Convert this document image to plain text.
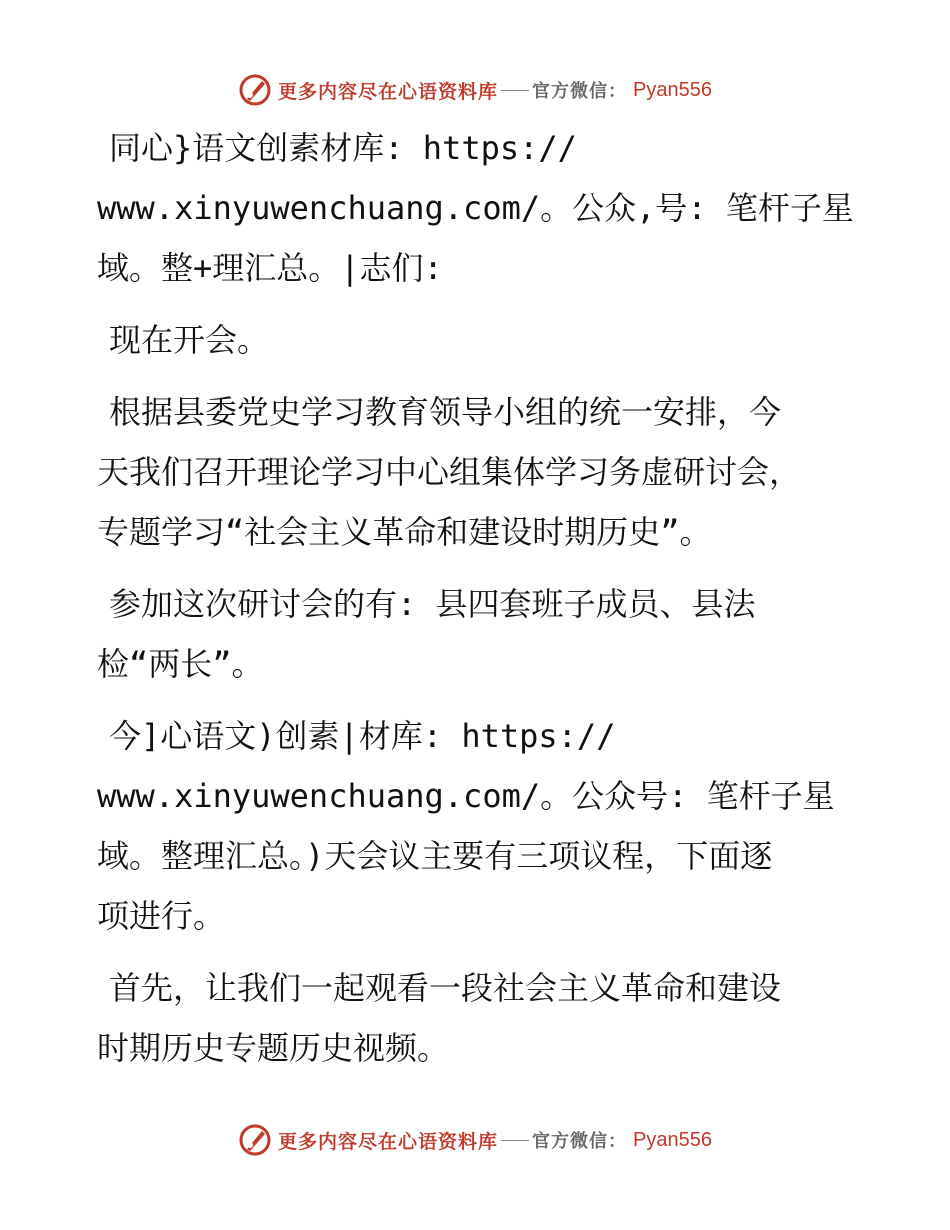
更多内容尽在心语资料库 官方微信： Pyan556
同心}语文创素材库: https://
www.xinyuwenchuang.com/。公众,号: 笔杆子星
域。整+理汇总。|志们:
现在开会。
根据县委党史学习教育领导小组的统一安排，今
天我们召开理论学习中心组集体学习务虚研讨会，
专题学习“社会主义革命和建设时期历史”。
参加这次研讨会的有: 县四套班子成员、县法
检“两长”。
今]心语文)创素|材库: https://
www.xinyuwenchuang.com/。公众号: 笔杆子星
域。整理汇总。)天会议主要有三项议程，下面逐
项进行。
首先，让我们一起观看一段社会主义革命和建设
时期历史专题历史视频。
更多内容尽在心语资料库 官方微信： Pyan556
